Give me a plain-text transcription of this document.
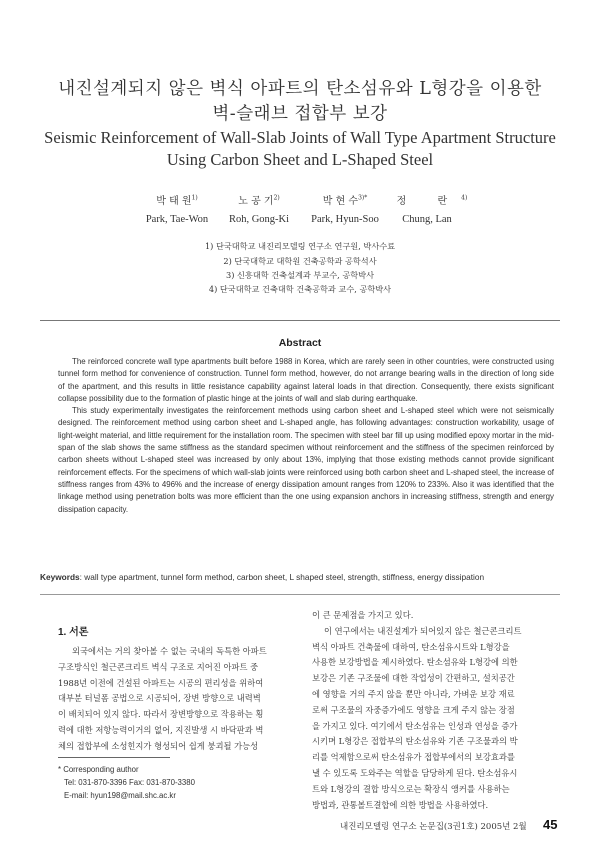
내진설계되지 않은 벽식 아파트의 탄소섬유와 L형강을 이용한
벽-슬래브 접합부 보강
Seismic Reinforcement of Wall-Slab Joints of Wall Type Apartment Structure
Using Carbon Sheet and L-Shaped Steel
박 태 원$^{1)}$
Park, Tae-Won
노 공 기$^{2)}$
Roh, Gong-Ki
박 현 수$^{3)*}$
Park, Hyun-Soo
정 란$^{4)}$
Chung, Lan
1) 단국대학교 내진리모델링 연구소 연구원, 박사수료
2) 단국대학교 대학원 건축공학과 공학석사
3) 신흥대학 건축설계과 부교수, 공학박사
4) 단국대학교 건축대학 건축공학과 교수, 공학박사
Abstract

The reinforced concrete wall type apartments built before 1988 in Korea, which are rarely seen in other countries, were constructed using tunnel form method for convenience of construction. Tunnel form method, however, do not arrange bearing walls in the direction of long side of the apartment, and this results in little resistance capability against lateral loads in that direction. Consequently, there exists significant collapse possibility due to the formation of plastic hinge at the joints of wall and slab during earthquake.

This study experimentally investigates the reinforcement methods using carbon sheet and L-shaped steel which were not seismically designed. The reinforcement method using carbon sheet and L-shaped angle, has following advantages: construction workability, usage of light-weight material, and little requirement for the installation room. The specimen with steel bar fill up using modified epoxy mortar in the mid-span of the slab shows the same stiffness as the standard specimen without reinforcement and the stiffness of the specimen reinforced by carbon sheets without L-shaped steel was increased by only about 13%, implying that those existing methods cannot provide significant reinforcement effects. For the specimens of which wall-slab joints were reinforced using both carbon sheet and L-shaped steel, the increase of stiffness ranges from 43% to 496% and the increase of energy dissipation amount ranges from 120% to 233%. Also it was identified that the linkage method using penetration bolts was more efficient than the one using expansion anchors in increasing stiffness, strength and energy dissipation capacity.

Keywords: wall type apartment, tunnel form method, carbon sheet, L shaped steel, strength, stiffness, energy dissipation
1. 서론
외국에서는 거의 찾아볼 수 없는 국내의 독특한 아파트
구조방식인 철근콘크리트 벽식 구조로 지어진 아파트 중
1988년 이전에 건설된 아파트는 시공의 편리성을 위하여
대부분 터널폼 공법으로 시공되어, 장변 방향으로 내력벽
이 배치되어 있지 않다. 따라서 장변방향으로 작용하는 횡
력에 대한 저항능력이거의 없어, 지진발생 시 바닥판과 벽
체의 접합부에 소성힌지가 형성되어 쉽게 붕괴될 가능성
* Corresponding author
Tel: 031-870-3396 Fax: 031-870-3380
E-mail: hyun198@mail.shc.ac.kr
이 큰 문제점을 가지고 있다.
이 연구에서는 내진설계가 되어있지 않은 철근콘크리트
벽식 아파트 건축물에 대하여, 탄소섬유시트와 L형강을
사용한 보강방법을 제시하였다. 탄소섬유와 L형강에 의한
보강은 기존 구조물에 대한 작업성이 간편하고, 설치공간
에 영향을 거의 주지 않을 뿐만 아니라, 가벼운 보강 재료
로써 구조물의 자중증가에도 영향을 크게 주지 않는 장점
을 가지고 있다. 여기에서 탄소섬유는 인성과 연성을 증가
시키며 L형강은 접합부의 탄소섬유와 기존 구조물과의 박
리를 억제함으로써 탄소섬유가 접합부에서의 보강효과를
낼 수 있도록 도와주는 역할을 담당하게 된다. 탄소섬유시
트와 L형강의 결합 방식으로는 확장식 앵커를 사용하는
방법과, 관통볼트결합에 의한 방법을 사용하였다.
내진리모델링 연구소 논문집(3권1호) 2005년 2월 45
